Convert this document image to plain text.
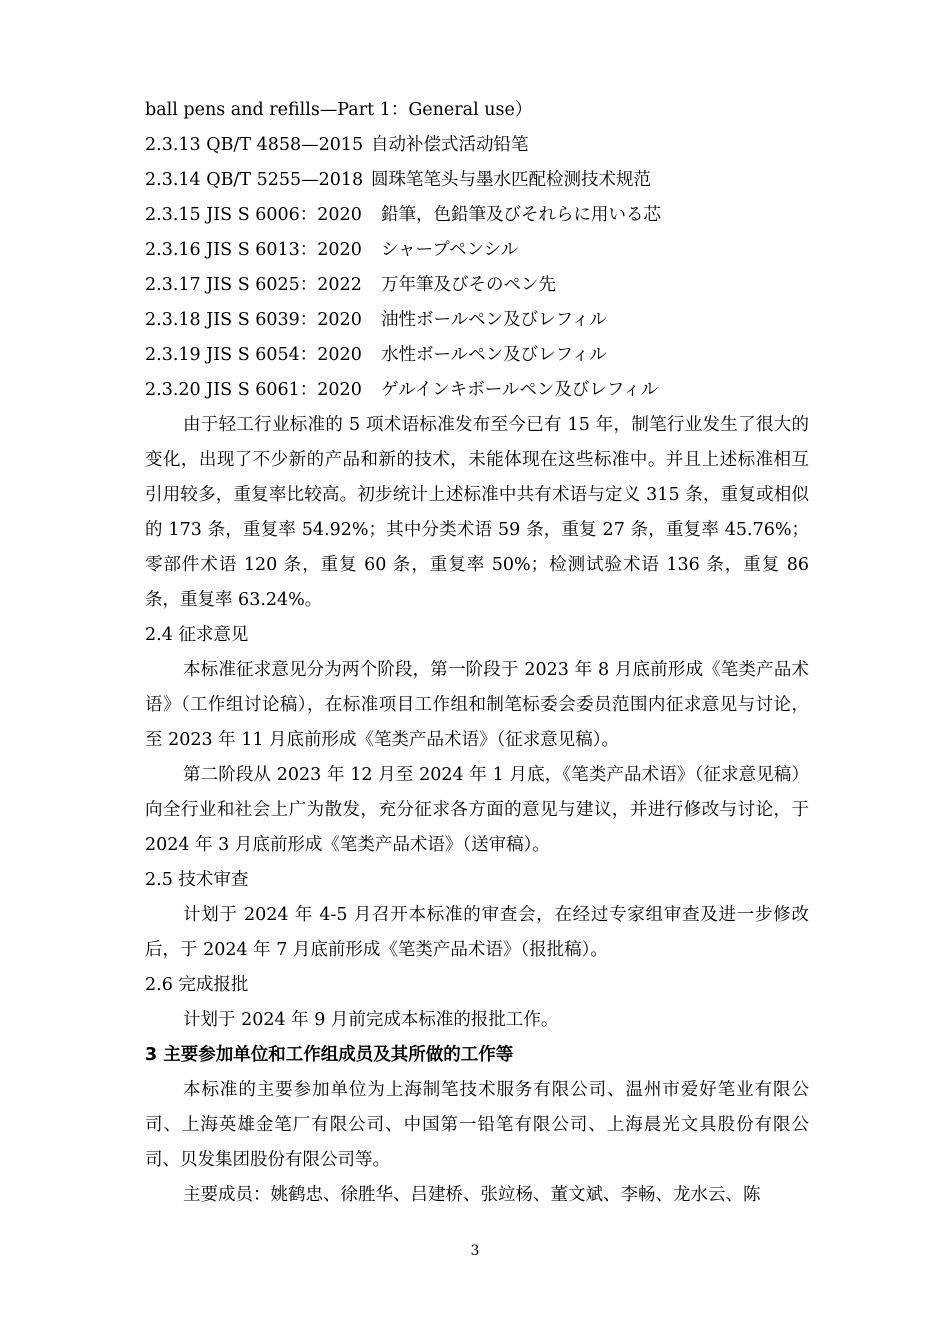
ball pens and refills—Part 1：General use）
2.3.13 QB/T 4858—2015 自动补偿式活动铅笔
2.3.14 QB/T 5255—2018 圆珠笔笔头与墨水匹配检测技术规范
2.3.15 JIS S 6006：2020 鉛筆，色鉛筆及びそれらに用いる芯
2.3.16 JIS S 6013：2020 シャープペンシル
2.3.17 JIS S 6025：2022 万年筆及びそのペン先
2.3.18 JIS S 6039：2020 油性ボールペン及びレフィル
2.3.19 JIS S 6054：2020 水性ボールペン及びレフィル
2.3.20 JIS S 6061：2020 ゲルインキボールペン及びレフィル
由于轻工行业标准的 5 项术语标准发布至今已有 15 年，制笔行业发生了很大的变化，出现了不少新的产品和新的技术，未能体现在这些标准中。并且上述标准相互引用较多，重复率比较高。初步统计上述标准中共有术语与定义 315 条，重复或相似的 173 条，重复率 54.92%；其中分类术语 59 条，重复 27 条，重复率 45.76%；零部件术语 120 条，重复 60 条，重复率 50%；检测试验术语 136 条，重复 86 条，重复率 63.24%。
2.4 征求意见
本标准征求意见分为两个阶段，第一阶段于 2023 年 8 月底前形成《笔类产品术语》（工作组讨论稿），在标准项目工作组和制笔标委会委员范围内征求意见与讨论，至 2023 年 11 月底前形成《笔类产品术语》（征求意见稿）。
第二阶段从 2023 年 12 月至 2024 年 1 月底，《笔类产品术语》（征求意见稿）向全行业和社会上广为散发，充分征求各方面的意见与建议，并进行修改与讨论，于 2024 年 3 月底前形成《笔类产品术语》（送审稿）。
2.5 技术审查
计划于 2024 年 4-5 月召开本标准的审查会，在经过专家组审查及进一步修改后，于 2024 年 7 月底前形成《笔类产品术语》（报批稿）。
2.6 完成报批
计划于 2024 年 9 月前完成本标准的报批工作。
3 主要参加单位和工作组成员及其所做的工作等
本标准的主要参加单位为上海制笔技术服务有限公司、温州市爱好笔业有限公司、上海英雄金笔厂有限公司、中国第一铅笔有限公司、上海晨光文具股份有限公司、贝发集团股份有限公司等。
主要成员：姚鹤忠、徐胜华、吕建桥、张竝杨、董文斌、李畅、龙水云、陈
3
